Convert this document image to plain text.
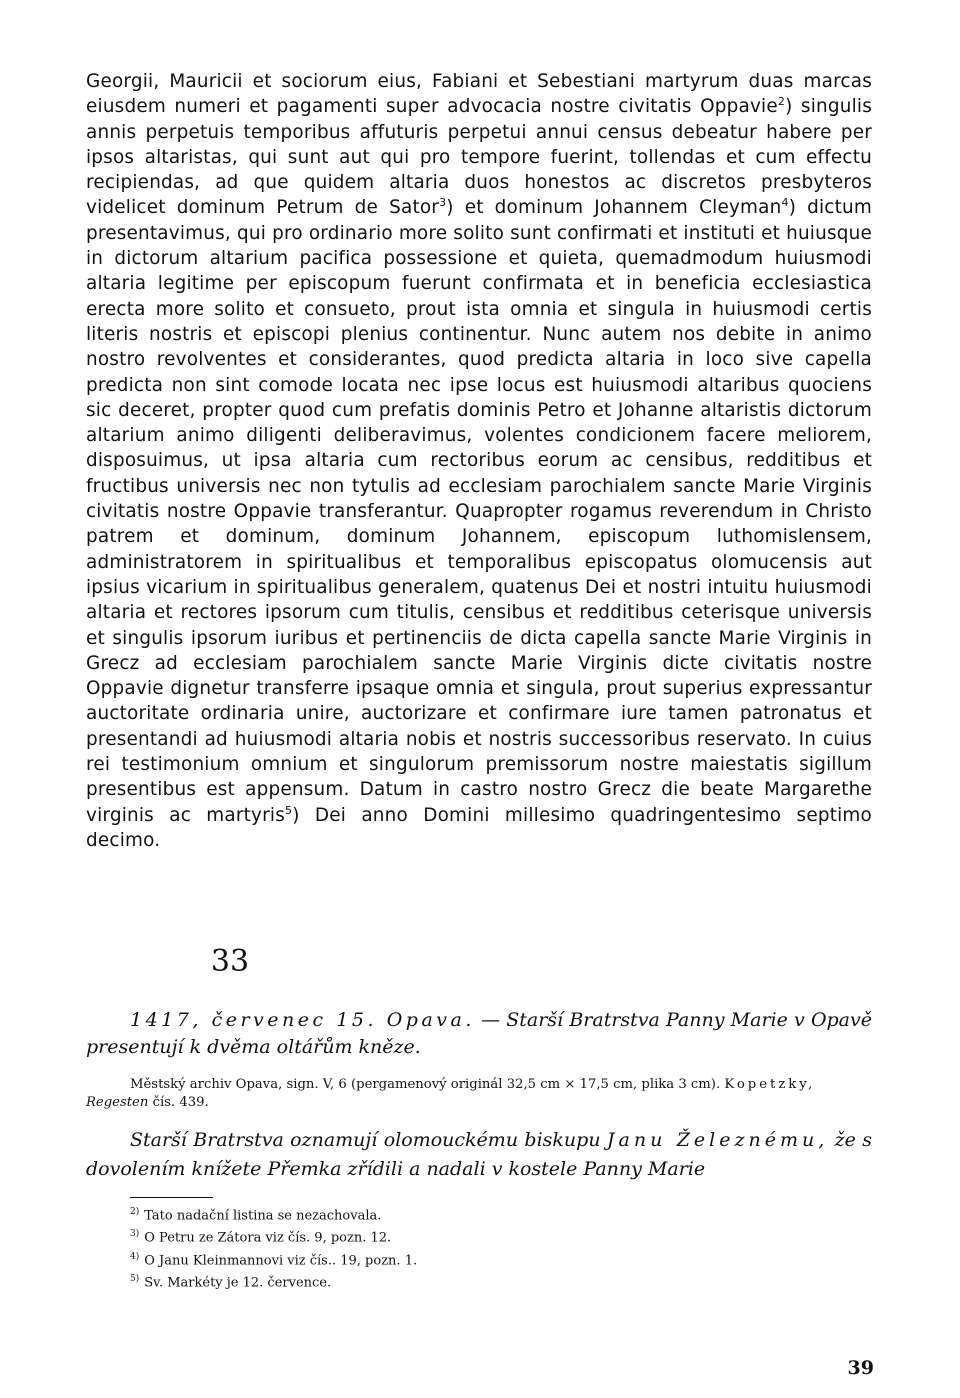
Georgii, Mauricii et sociorum eius, Fabiani et Sebestiani martyrum duas marcas eiusdem numeri et pagamenti super advocacia nostre civitatis Oppavie$^2$) singulis annis perpetuis temporibus affuturis perpetui annui census debeatur habere per ipsos altaristas, qui sunt aut qui pro tempore fuerint, tollendas et cum effectu recipiendas, ad que quidem altaria duos honestos ac discretos presbyteros videlicet dominum Petrum de Sator$^3$) et dominum Johannem Cleyman$^4$) dictum presentavimus, qui pro ordinario more solito sunt confirmati et instituti et huiusque in dictorum altarium pacifica possessione et quieta, quemadmodum huiusmodi altaria legitime per episcopum fuerunt confirmata et in beneficia ecclesiastica erecta more solito et consueto, prout ista omnia et singula in huiusmodi certis literis nostris et episcopi plenius continentur. Nunc autem nos debite in animo nostro revolventes et considerantes, quod predicta altaria in loco sive capella predicta non sint comode locata nec ipse locus est huiusmodi altaribus quociens sic deceret, propter quod cum prefatis dominis Petro et Johanne altaristis dictorum altarium animo diligenti deliberavimus, volentes condicionem facere meliorem, disposuimus, ut ipsa altaria cum rectoribus eorum ac censibus, redditibus et fructibus universis nec non tytulis ad ecclesiam parochialem sancte Marie Virginis civitatis nostre Oppavie transferantur. Quapropter rogamus reverendum in Christo patrem et dominum, dominum Johannem, episcopum luthomislensem, administratorem in spiritualibus et temporalibus episcopatus olomucensis aut ipsius vicarium in spiritualibus generalem, quatenus Dei et nostri intuitu huiusmodi altaria et rectores ipsorum cum titulis, censibus et redditibus ceterisque universis et singulis ipsorum iuribus et pertinenciis de dicta capella sancte Marie Virginis in Grecz ad ecclesiam parochialem sancte Marie Virginis dicte civitatis nostre Oppavie dignetur transferre ipsaque omnia et singula, prout superius expressantur auctoritate ordinaria unire, auctorizare et confirmare iure tamen patronatus et presentandi ad huiusmodi altaria nobis et nostris successoribus reservato. In cuius rei testimonium omnium et singulorum premissorum nostre maiestatis sigillum presentibus est appensum. Datum in castro nostro Grecz die beate Margarethe virginis ac martyris$^5$) Dei anno Domini millesimo quadringentesimo septimo decimo.

33

1417, červenec 15. Opava. — Starší Bratrstva Panny Marie v Opavě presentují k dvěma oltářům kněze.

Městský archiv Opava, sign. V, 6 (pergamenový originál 32,5 cm × 17,5 cm, plika 3 cm). Kopetzky, Regesten čís. 439.

Starší Bratrstva oznamují olomouckému biskupu Janu Železnému, že s dovolením knížete Přemka zřídili a nadali v kostele Panny Marie

$^{2)}$ Tato nadační listina se nezachovala.
$^{3)}$ O Petru ze Zátora viz čís. 9, pozn. 12.
$^{4)}$ O Janu Kleinmannovi viz čís.. 19, pozn. 1.
$^{5)}$ Sv. Markéty je 12. července.

39
